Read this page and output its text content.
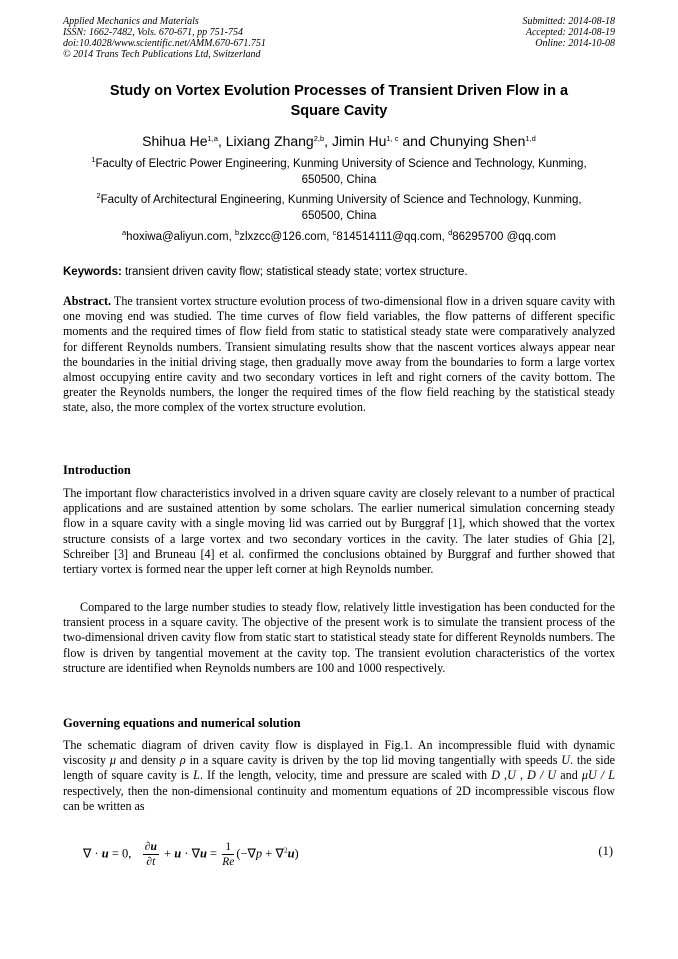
Applied Mechanics and Materials
ISSN: 1662-7482, Vols. 670-671, pp 751-754
doi:10.4028/www.scientific.net/AMM.670-671.751
© 2014 Trans Tech Publications Ltd, Switzerland
Submitted: 2014-08-18
Accepted: 2014-08-19
Online: 2014-10-08
Study on Vortex Evolution Processes of Transient Driven Flow in a
Square Cavity
Shihua He$^{1,a}$, Lixiang Zhang$^{2,b}$, Jimin Hu$^{1, c}$ and Chunying Shen$^{1,d}$
$^1$Faculty of Electric Power Engineering, Kunming University of Science and Technology, Kunming,
650500, China
$^2$Faculty of Architectural Engineering, Kunming University of Science and Technology, Kunming,
650500, China
$^a$hoxiwa@aliyun.com, $^b$zlxzcc@126.com, $^c$814514111@qq.com, $^d$86295700 @qq.com
Keywords: transient driven cavity flow; statistical steady state; vortex structure.
Abstract. The transient vortex structure evolution process of two-dimensional flow in a driven square cavity with one moving end was studied. The time curves of flow field variables, the flow patterns of different specific moments and the required times of flow field from static to statistical steady state were comparatively analyzed for different Reynolds numbers. Transient simulating results show that the nascent vortices always appear near the boundaries in the initial driving stage, then gradually move away from the boundaries to form a large vortex almost occupying entire cavity and two secondary vortices in left and right corners of the cavity bottom. The greater the Reynolds numbers, the longer the required times of the flow field reaching by the statistical steady state, also, the more complex of the vortex structure evolution.
Introduction
The important flow characteristics involved in a driven square cavity are closely relevant to a number of practical applications and are sustained attention by some scholars. The earlier numerical simulation concerning steady flow in a square cavity with a single moving lid was carried out by Burggraf [1], which showed that the vortex structure consists of a large vortex and two secondary vortices in the cavity. The later studies of Ghia [2], Schreiber [3] and Bruneau [4] et al. confirmed the conclusions obtained by Burggraf and further showed that tertiary vortex is formed near the upper left corner at high Reynolds number.
Compared to the large number studies to steady flow, relatively little investigation has been conducted for the transient process in a square cavity. The objective of the present work is to simulate the transient process of the two-dimensional driven cavity flow from static start to statistical steady state for different Reynolds numbers. The flow is driven by tangential movement at the cavity top. The transient evolution characteristics of the vortex structure are identified when Reynolds numbers are 100 and 1000 respectively.
Governing equations and numerical solution
The schematic diagram of driven cavity flow is displayed in Fig.1. An incompressible fluid with dynamic viscosity μ and density ρ in a square cavity is driven by the top lid moving tangentially with speeds U. the side length of square cavity is L. If the length, velocity, time and pressure are scaled with D ,U , D / U and μU / L respectively, then the non-dimensional continuity and momentum equations of 2D incompressible viscous flow can be written as
∇ · u = 0, $\frac{\partial u}{\partial t} + u \cdot \nabla u = \frac{1}{Re} (-\nabla p + \nabla^2u)$	(1)
